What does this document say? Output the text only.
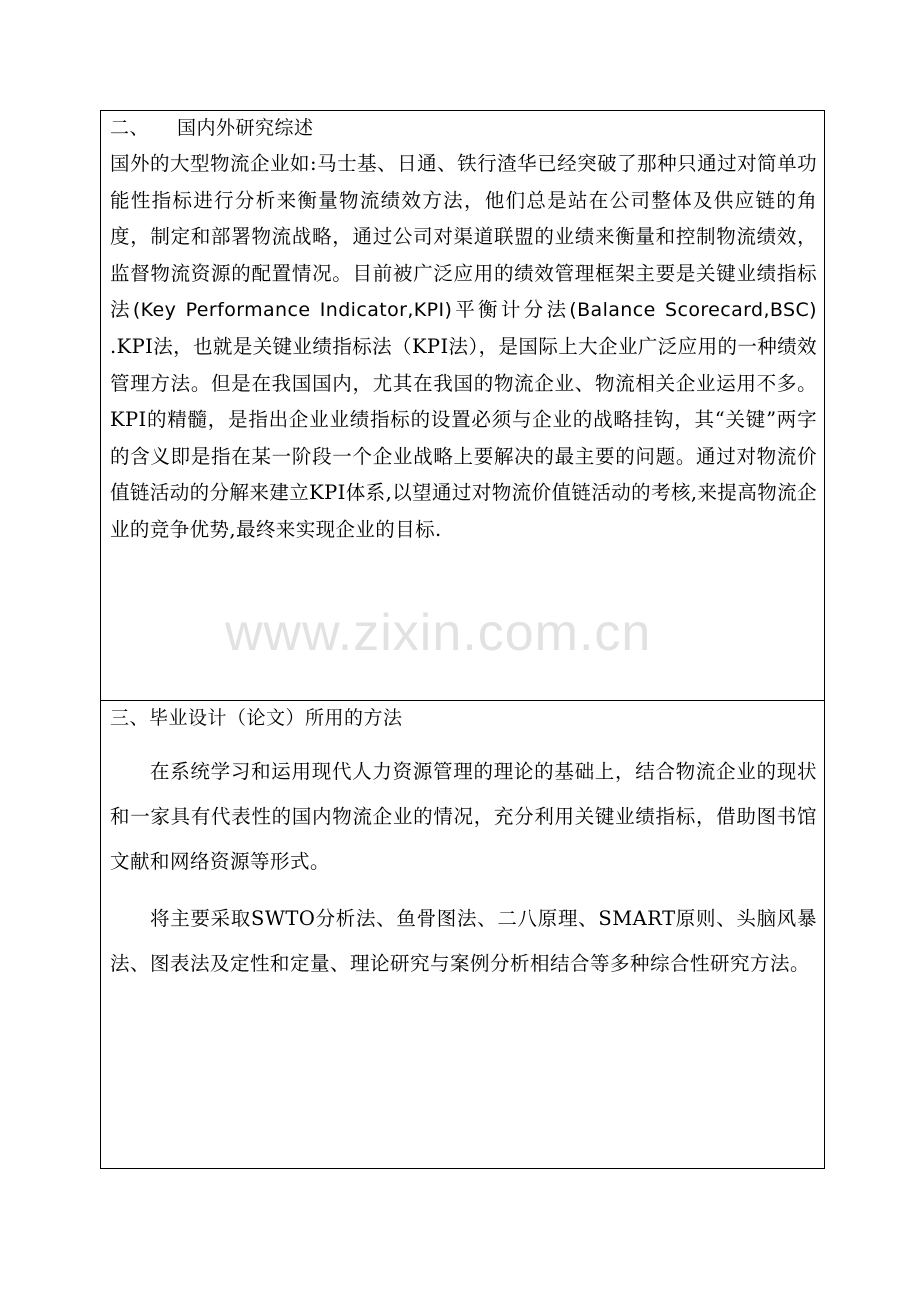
二、 国内外研究综述

国外的大型物流企业如:马士基、日通、铁行渣华已经突破了那种只通过对简单功能性指标进行分析来衡量物流绩效方法，他们总是站在公司整体及供应链的角度，制定和部署物流战略，通过公司对渠道联盟的业绩来衡量和控制物流绩效，监督物流资源的配置情况。目前被广泛应用的绩效管理框架主要是关键业绩指标法(Key Performance Indicator,KPI)平衡计分法(Balance Scorecard,BSC) .KPI法，也就是关键业绩指标法（KPI法），是国际上大企业广泛应用的一种绩效管理方法。但是在我国国内，尤其在我国的物流企业、物流相关企业运用不多。 KPI的精髓，是指出企业业绩指标的设置必须与企业的战略挂钩，其“关键”两字的含义即是指在某一阶段一个企业战略上要解决的最主要的问题。通过对物流价值链活动的分解来建立KPI体系,以望通过对物流价值链活动的考核,来提高物流企业的竞争优势,最终来实现企业的目标.

三、毕业设计（论文）所用的方法

在系统学习和运用现代人力资源管理的理论的基础上，结合物流企业的现状和一家具有代表性的国内物流企业的情况，充分利用关键业绩指标，借助图书馆文献和网络资源等形式。

将主要采取SWTO分析法、鱼骨图法、二八原理、SMART原则、头脑风暴法、图表法及定性和定量、理论研究与案例分析相结合等多种综合性研究方法。

www.zixin.com.cn
